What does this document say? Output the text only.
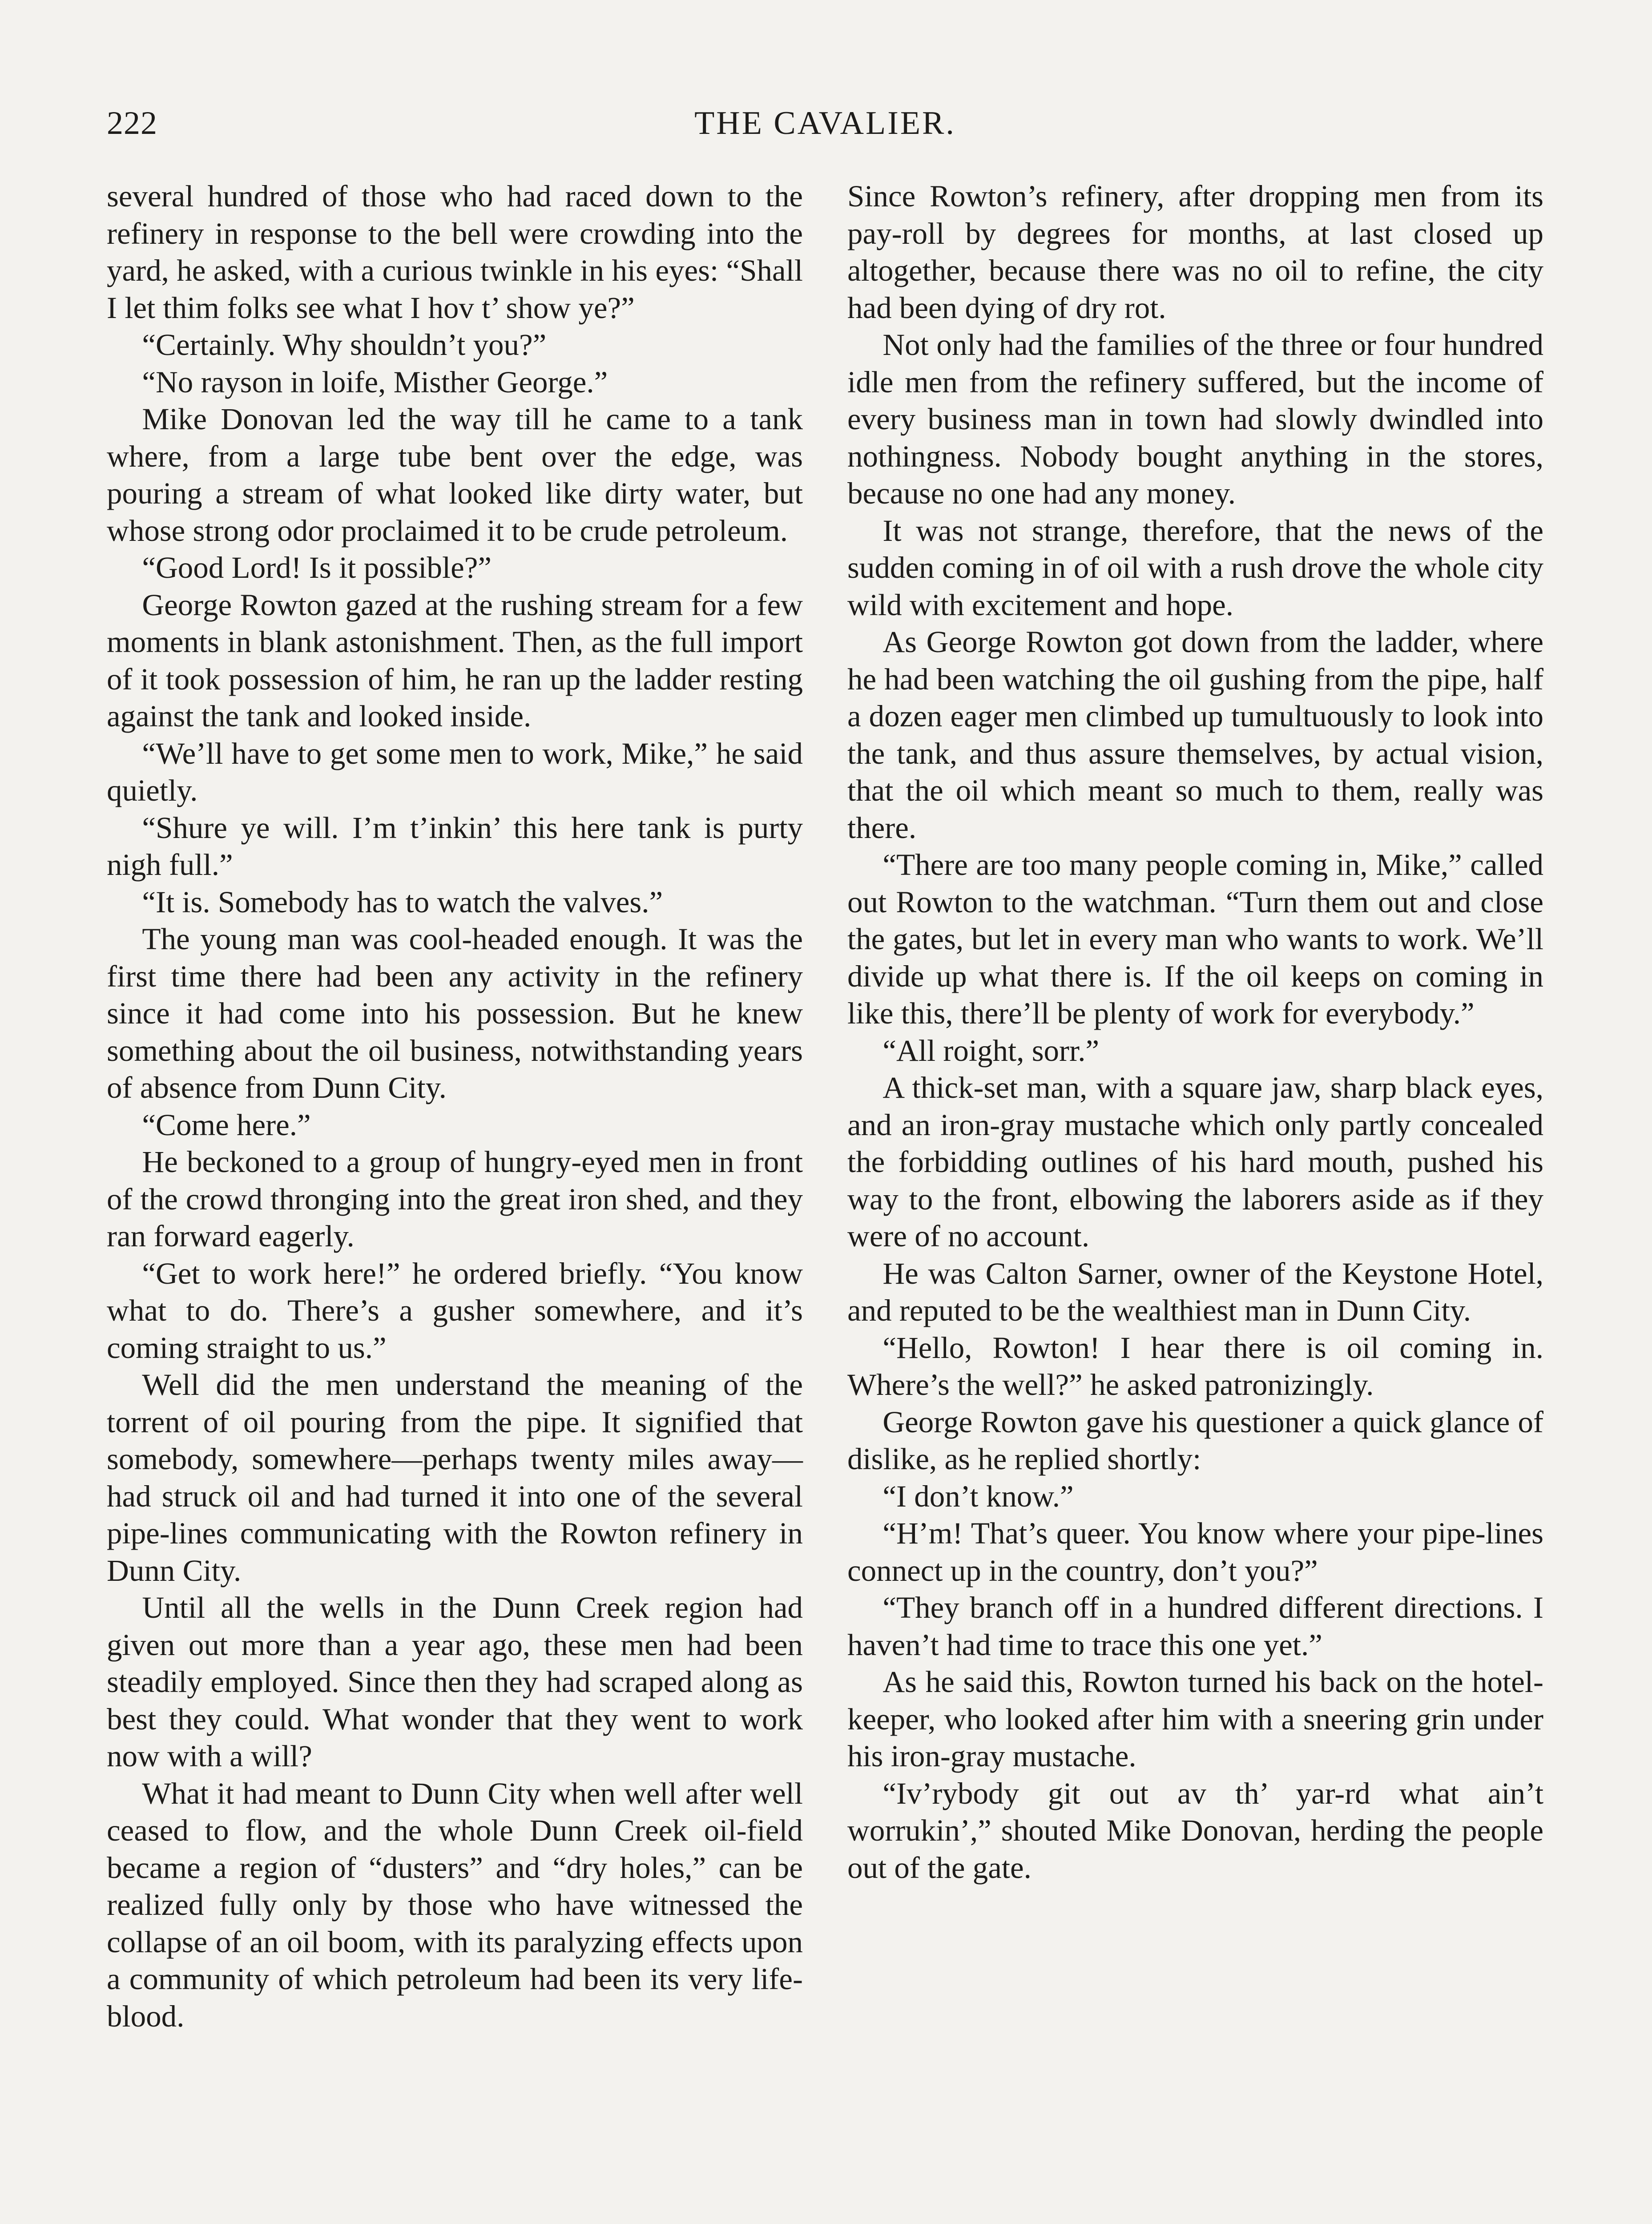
222	THE CAVALIER.

several hundred of those who had raced down to the refinery in response to the bell were crowding into the yard, he asked, with a curious twinkle in his eyes: “Shall I let thim folks see what I hov t’ show ye?”

“Certainly. Why shouldn’t you?”

“No rayson in loife, Misther George.”

Mike Donovan led the way till he came to a tank where, from a large tube bent over the edge, was pouring a stream of what looked like dirty water, but whose strong odor proclaimed it to be crude petroleum.

“Good Lord! Is it possible?”

George Rowton gazed at the rushing stream for a few moments in blank astonishment. Then, as the full import of it took possession of him, he ran up the ladder resting against the tank and looked inside.

“We’ll have to get some men to work, Mike,” he said quietly.

“Shure ye will. I’m t’inkin’ this here tank is purty nigh full.”

“It is. Somebody has to watch the valves.”

The young man was cool-headed enough. It was the first time there had been any activity in the refinery since it had come into his possession. But he knew something about the oil business, notwithstanding years of absence from Dunn City.

“Come here.”

He beckoned to a group of hungry-eyed men in front of the crowd thronging into the great iron shed, and they ran forward eagerly.

“Get to work here!” he ordered briefly. “You know what to do. There’s a gusher somewhere, and it’s coming straight to us.”

Well did the men understand the meaning of the torrent of oil pouring from the pipe. It signified that somebody, somewhere—perhaps twenty miles away—had struck oil and had turned it into one of the several pipe-lines communicating with the Rowton refinery in Dunn City.

Until all the wells in the Dunn Creek region had given out more than a year ago, these men had been steadily employed. Since then they had scraped along as best they could. What wonder that they went to work now with a will?

What it had meant to Dunn City when well after well ceased to flow, and the whole Dunn Creek oil-field became a region of “dusters” and “dry holes,” can be realized fully only by those who have witnessed the collapse of an oil boom, with its paralyzing effects upon a community of which petroleum had been its very life-blood.

Since Rowton’s refinery, after dropping men from its pay-roll by degrees for months, at last closed up altogether, because there was no oil to refine, the city had been dying of dry rot.

Not only had the families of the three or four hundred idle men from the refinery suffered, but the income of every business man in town had slowly dwindled into nothingness. Nobody bought anything in the stores, because no one had any money.

It was not strange, therefore, that the news of the sudden coming in of oil with a rush drove the whole city wild with excitement and hope.

As George Rowton got down from the ladder, where he had been watching the oil gushing from the pipe, half a dozen eager men climbed up tumultuously to look into the tank, and thus assure themselves, by actual vision, that the oil which meant so much to them, really was there.

“There are too many people coming in, Mike,” called out Rowton to the watchman. “Turn them out and close the gates, but let in every man who wants to work. We’ll divide up what there is. If the oil keeps on coming in like this, there’ll be plenty of work for everybody.”

“All roight, sorr.”

A thick-set man, with a square jaw, sharp black eyes, and an iron-gray mustache which only partly concealed the forbidding outlines of his hard mouth, pushed his way to the front, elbowing the laborers aside as if they were of no account.

He was Calton Sarner, owner of the Keystone Hotel, and reputed to be the wealthiest man in Dunn City.

“Hello, Rowton! I hear there is oil coming in. Where’s the well?” he asked patronizingly.

George Rowton gave his questioner a quick glance of dislike, as he replied shortly:

“I don’t know.”

“H’m! That’s queer. You know where your pipe-lines connect up in the country, don’t you?”

“They branch off in a hundred different directions. I haven’t had time to trace this one yet.”

As he said this, Rowton turned his back on the hotel-keeper, who looked after him with a sneering grin under his iron-gray mustache.

“Iv’rybody git out av th’ yar-rd what ain’t worrukin’,” shouted Mike Donovan, herding the people out of the gate.
